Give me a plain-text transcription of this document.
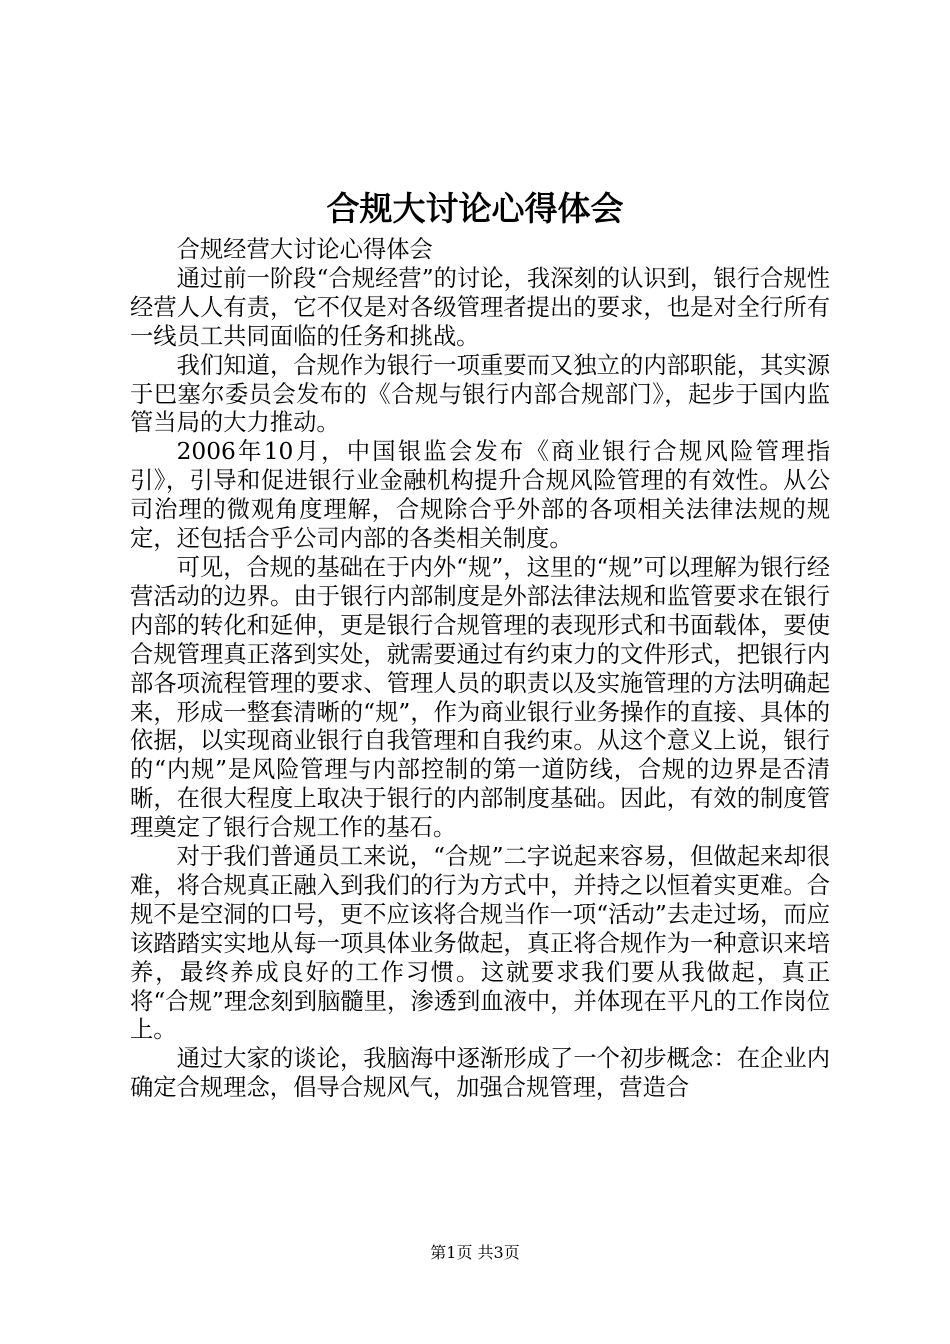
合规大讨论心得体会

合规经营大讨论心得体会

通过前一阶段“合规经营”的讨论，我深刻的认识到，银行合规性经营人人有责，它不仅是对各级管理者提出的要求，也是对全行所有一线员工共同面临的任务和挑战。

我们知道，合规作为银行一项重要而又独立的内部职能，其实源于巴塞尔委员会发布的《合规与银行内部合规部门》，起步于国内监管当局的大力推动。

2006年10月，中国银监会发布《商业银行合规风险管理指引》，引导和促进银行业金融机构提升合规风险管理的有效性。从公司治理的微观角度理解，合规除合乎外部的各项相关法律法规的规定，还包括合乎公司内部的各类相关制度。

可见，合规的基础在于内外“规”，这里的“规”可以理解为银行经营活动的边界。由于银行内部制度是外部法律法规和监管要求在银行内部的转化和延伸，更是银行合规管理的表现形式和书面载体，要使合规管理真正落到实处，就需要通过有约束力的文件形式，把银行内部各项流程管理的要求、管理人员的职责以及实施管理的方法明确起来，形成一整套清晰的“规”，作为商业银行业务操作的直接、具体的依据，以实现商业银行自我管理和自我约束。从这个意义上说，银行的“内规”是风险管理与内部控制的第一道防线，合规的边界是否清晰，在很大程度上取决于银行的内部制度基础。因此，有效的制度管理奠定了银行合规工作的基石。

对于我们普通员工来说，“合规”二字说起来容易，但做起来却很难，将合规真正融入到我们的行为方式中，并持之以恒着实更难。合规不是空洞的口号，更不应该将合规当作一项“活动”去走过场，而应该踏踏实实地从每一项具体业务做起，真正将合规作为一种意识来培养，最终养成良好的工作习惯。这就要求我们要从我做起，真正将“合规”理念刻到脑髓里，渗透到血液中，并体现在平凡的工作岗位上。

通过大家的谈论，我脑海中逐渐形成了一个初步概念：在企业内确定合规理念，倡导合规风气，加强合规管理，营造合

第1页 共3页
